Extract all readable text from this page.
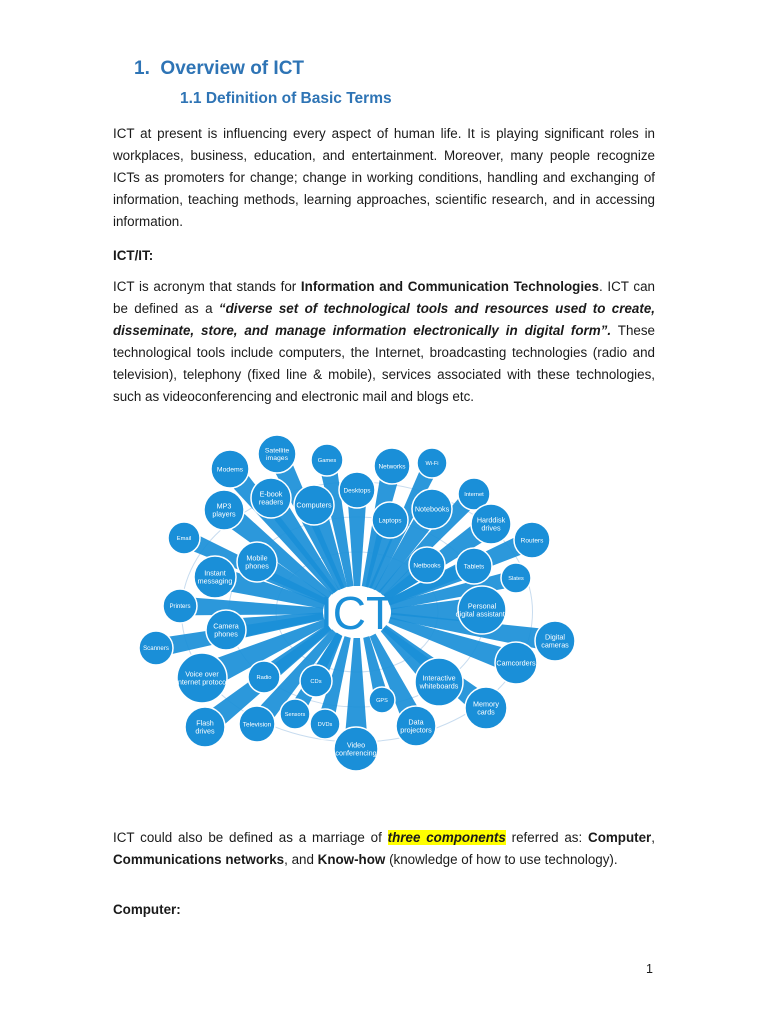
1. Overview of ICT
1.1 Definition of Basic Terms

ICT at present is influencing every aspect of human life. It is playing significant roles in workplaces, business, education, and entertainment. Moreover, many people recognize ICTs as promoters for change; change in working conditions, handling and exchanging of information, teaching methods, learning approaches, scientific research, and in accessing information.

ICT/IT:

ICT is acronym that stands for Information and Communication Technologies. ICT can be defined as a “diverse set of technological tools and resources used to create, disseminate, store, and manage information electronically in digital form”. These technological tools include computers, the Internet, broadcasting technologies (radio and television), telephony (fixed line & mobile), services associated with these technologies, such as videoconferencing and electronic mail and blogs etc.

ICT
Satellite images	Games
Networks	Wi-Fi
Modems
E-book readers Computers
Desktops
Internet
MP3 players
Laptops
Notebooks
Harddisk drives
Email	Routers
Mobile phones	Netbooks	Tablets
Slates
Instant messaging
Personal digital assistants
Printers
Camera phones	Digital cameras
Scanners
Camcorders
Voice over internet protocol	Radio
CDs	Interactive whiteboards
GPS	Memory cards
Flash drives
Television
Sensors
DVDs	Data projectors
Video conferencing

ICT could also be defined as a marriage of three components referred as: Computer, Communications networks, and Know-how (knowledge of how to use technology).

Computer:
1
